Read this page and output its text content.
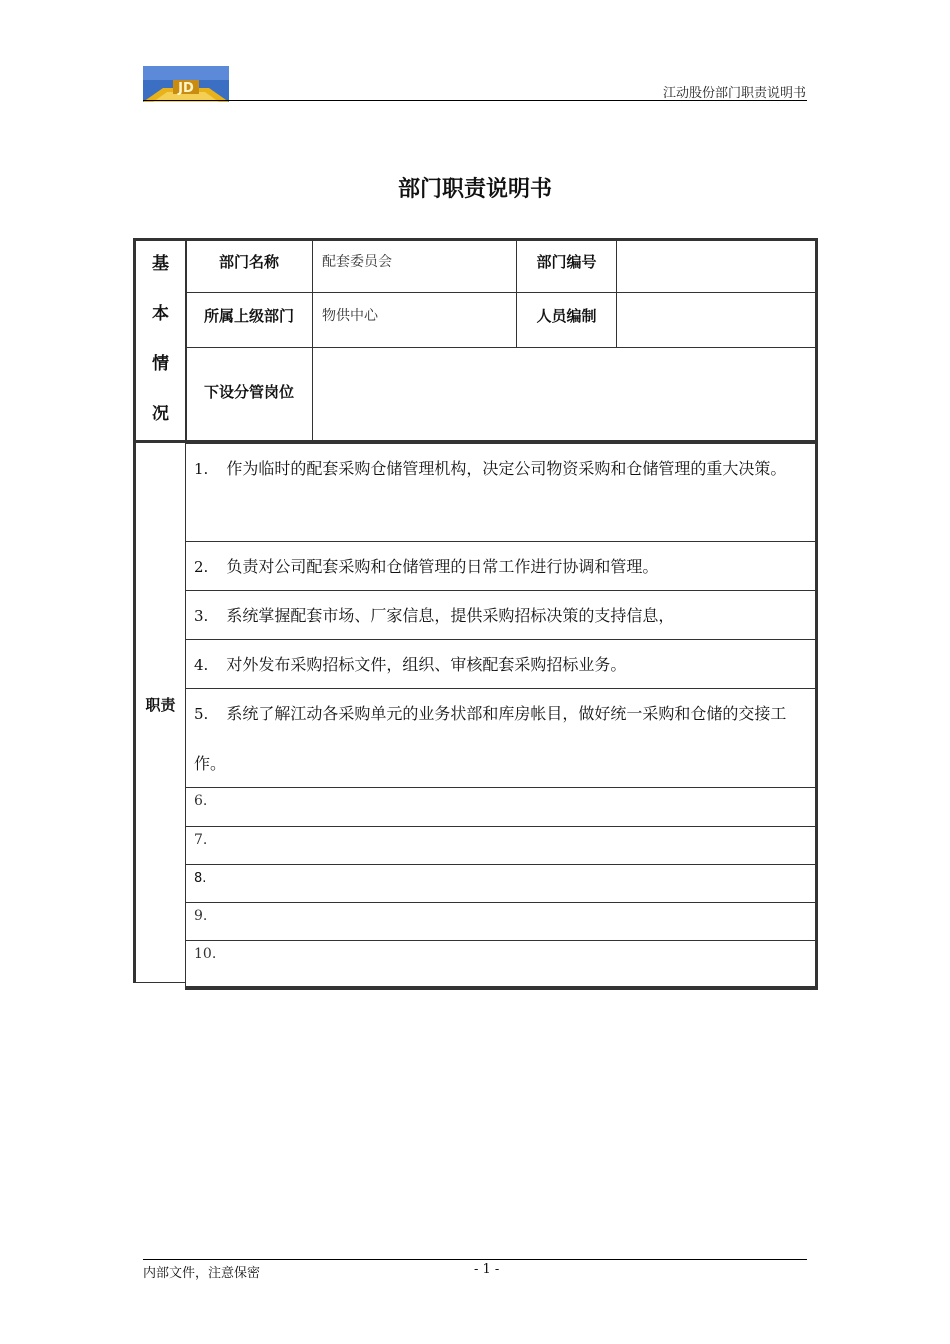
JD	江动股份部门职责说明书
部门职责说明书
基
本
情
况
部门名称	配套委员会	部门编号
所属上级部门	物供中心	人员编制
下设分管岗位
职责
1. 作为临时的配套采购仓储管理机构，决定公司物资采购和仓储管理的重大决策。
2. 负责对公司配套采购和仓储管理的日常工作进行协调和管理。
3. 系统掌握配套市场、厂家信息，提供采购招标决策的支持信息，
4. 对外发布采购招标文件，组织、审核配套采购招标业务。
5. 系统了解江动各采购单元的业务状部和库房帐目，做好统一采购和仓储的交接工作。
6.
7.
8.
9.
10.
内部文件，注意保密	- 1 -
